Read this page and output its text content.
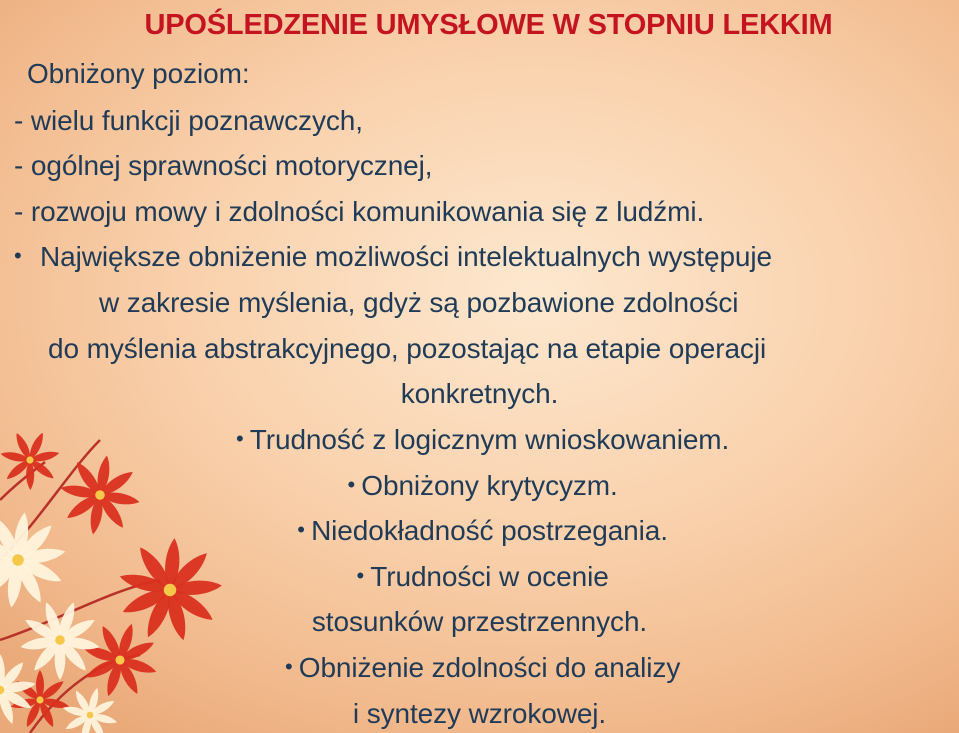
UPOŚLEDZENIE UMYSŁOWE W STOPNIU LEKKIM
Obniżony poziom:
- wielu funkcji poznawczych,
- ogólnej sprawności motorycznej,
- rozwoju mowy i zdolności komunikowania się z ludźmi.
• Największe obniżenie możliwości intelektualnych występuje
w zakresie myślenia, gdyż są pozbawione zdolności
do myślenia abstrakcyjnego, pozostając na etapie operacji
konkretnych.
• Trudność z logicznym wnioskowaniem.
• Obniżony krytycyzm.
• Niedokładność postrzegania.
• Trudności w ocenie
stosunków przestrzennych.
• Obniżenie zdolności do analizy
i syntezy wzrokowej.
